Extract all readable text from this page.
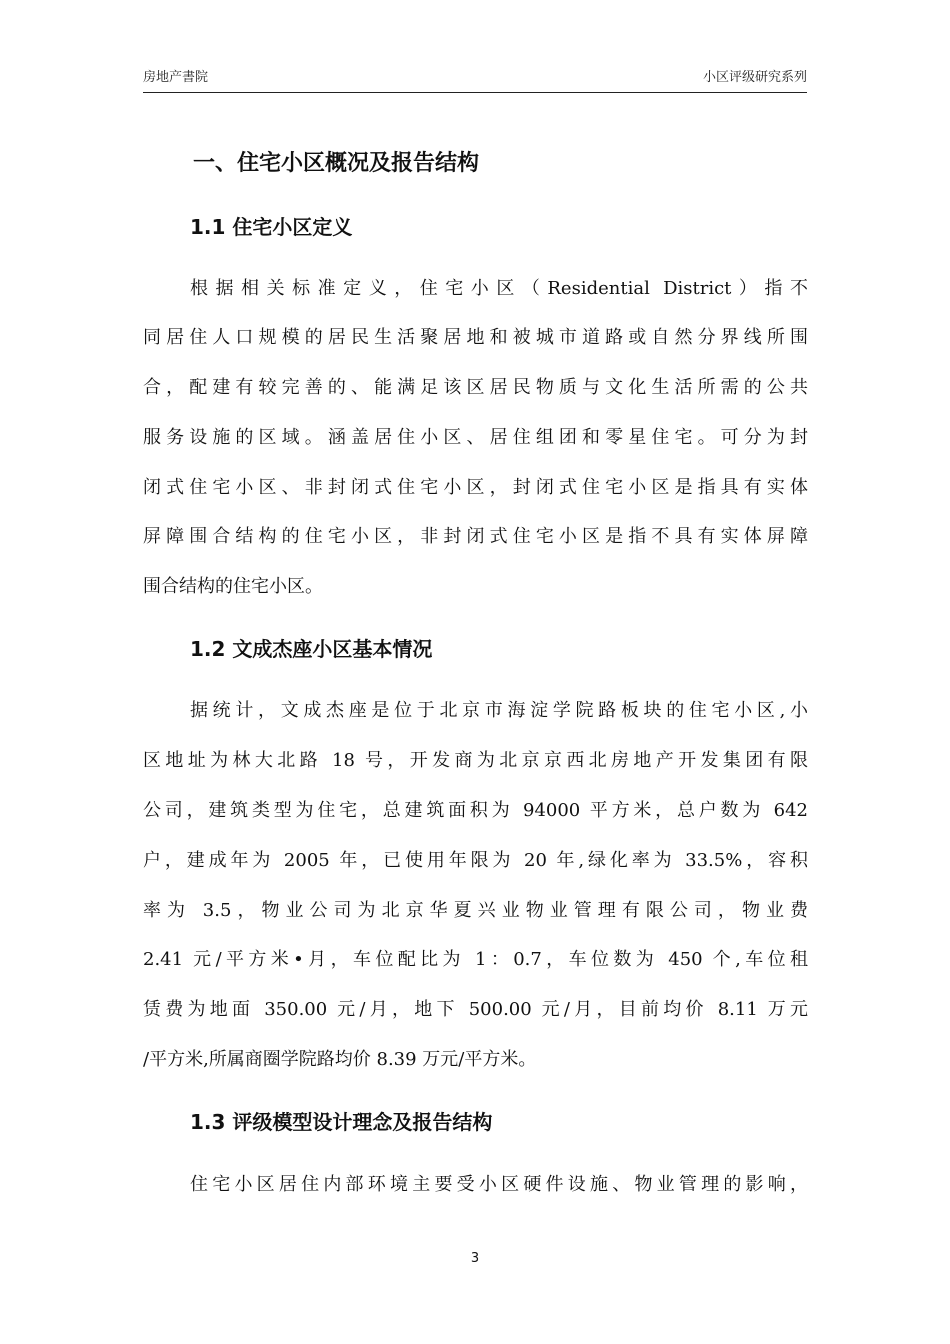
房地产書院	小区评级研究系列
一、住宅小区概况及报告结构
1.1 住宅小区定义
根据相关标准定义，住宅小区（Residential District）指不
同居住人口规模的居民生活聚居地和被城市道路或自然分界线所围
合，配建有较完善的、能满足该区居民物质与文化生活所需的公共
服务设施的区域。涵盖居住小区、居住组团和零星住宅。可分为封
闭式住宅小区、非封闭式住宅小区，封闭式住宅小区是指具有实体
屏障围合结构的住宅小区，非封闭式住宅小区是指不具有实体屏障
围合结构的住宅小区。
1.2 文成杰座小区基本情况
据统计，文成杰座是位于北京市海淀学院路板块的住宅小区,小
区地址为林大北路 18 号，开发商为北京京西北房地产开发集团有限
公司，建筑类型为住宅，总建筑面积为 94000 平方米，总户数为 642
户，建成年为 2005 年，已使用年限为 20 年,绿化率为 33.5%，容积
率为 3.5，物业公司为北京华夏兴业物业管理有限公司，物业费
2.41 元/平方米•月，车位配比为 1：0.7，车位数为 450 个,车位租
赁费为地面 350.00 元/月，地下 500.00 元/月，目前均价 8.11 万元
/平方米,所属商圈学院路均价 8.39 万元/平方米。
1.3 评级模型设计理念及报告结构
住宅小区居住内部环境主要受小区硬件设施、物业管理的影响，
3
